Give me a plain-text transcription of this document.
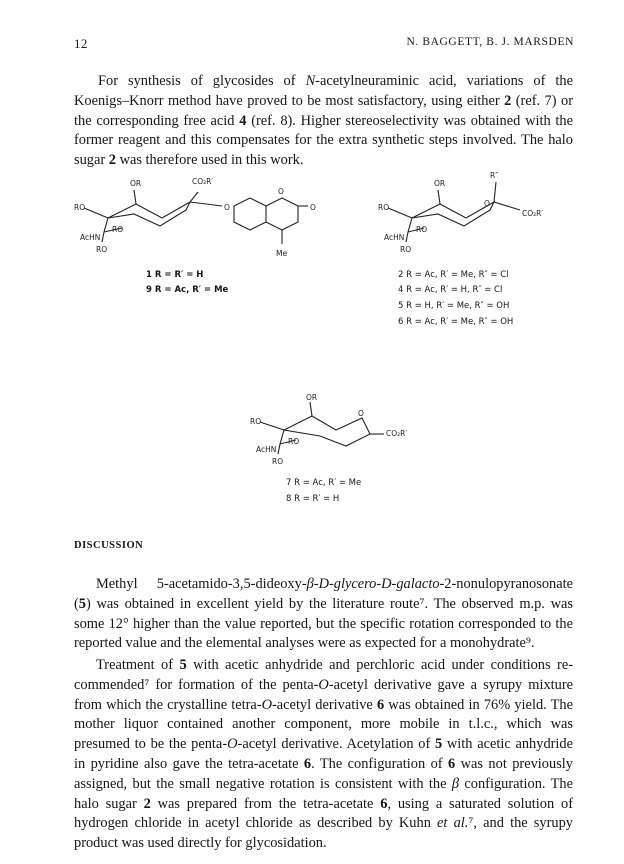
12	N. BAGGETT, B. J. MARSDEN

For synthesis of glycosides of N-acetylneuraminic acid, variations of the Koenigs–Knorr method have proved to be most satisfactory, using either 2 (ref. 7) or the corresponding free acid 4 (ref. 8). Higher stereoselectivity was obtained with the former reagent and this compensates for the extra synthetic steps involved. The halo sugar 2 was therefore used in this work.

OR
RO
RO
AcHN
RO
CO₂R′
O
O
O
Me
1 R = R′ = H
9 R = Ac, R′ = Me
OR
RO
RO
AcHN
RO
R″
O
CO₂R′
2 R = Ac, R′ = Me, R″ = Cl
4 R = Ac, R′ = H, R″ = Cl
5 R = H, R′ = Me, R″ = OH
6 R = Ac, R′ = Me, R″ = OH
OR
RO
RO
AcHN
RO
O
CO₂R′
7 R = Ac, R′ = Me
8 R = R′ = H
DISCUSSION

Methyl 5-acetamido-3,5-dideoxy-β-D-glycero-D-galacto-2-nonulopyranosonate (5) was obtained in excellent yield by the literature route⁷. The observed m.p. was some 12° higher than the value reported, but the specific rotation corresponded to the reported value and the elemental analyses were as expected for a monohydrate⁹.

Treatment of 5 with acetic anhydride and perchloric acid under conditions re-commended⁷ for formation of the penta-O-acetyl derivative gave a syrupy mixture from which the crystalline tetra-O-acetyl derivative 6 was obtained in 76% yield. The mother liquor contained another component, more mobile in t.l.c., which was presumed to be the penta-O-acetyl derivative. Acetylation of 5 with acetic anhydride in pyridine also gave the tetra-acetate 6. The configuration of 6 was not previously assigned, but the small negative rotation is consistent with the β configuration. The halo sugar 2 was prepared from the tetra-acetate 6, using a saturated solution of hydrogen chloride in acetyl chloride as described by Kuhn et al.⁷, and the syrupy product was used directly for glycosidation.
